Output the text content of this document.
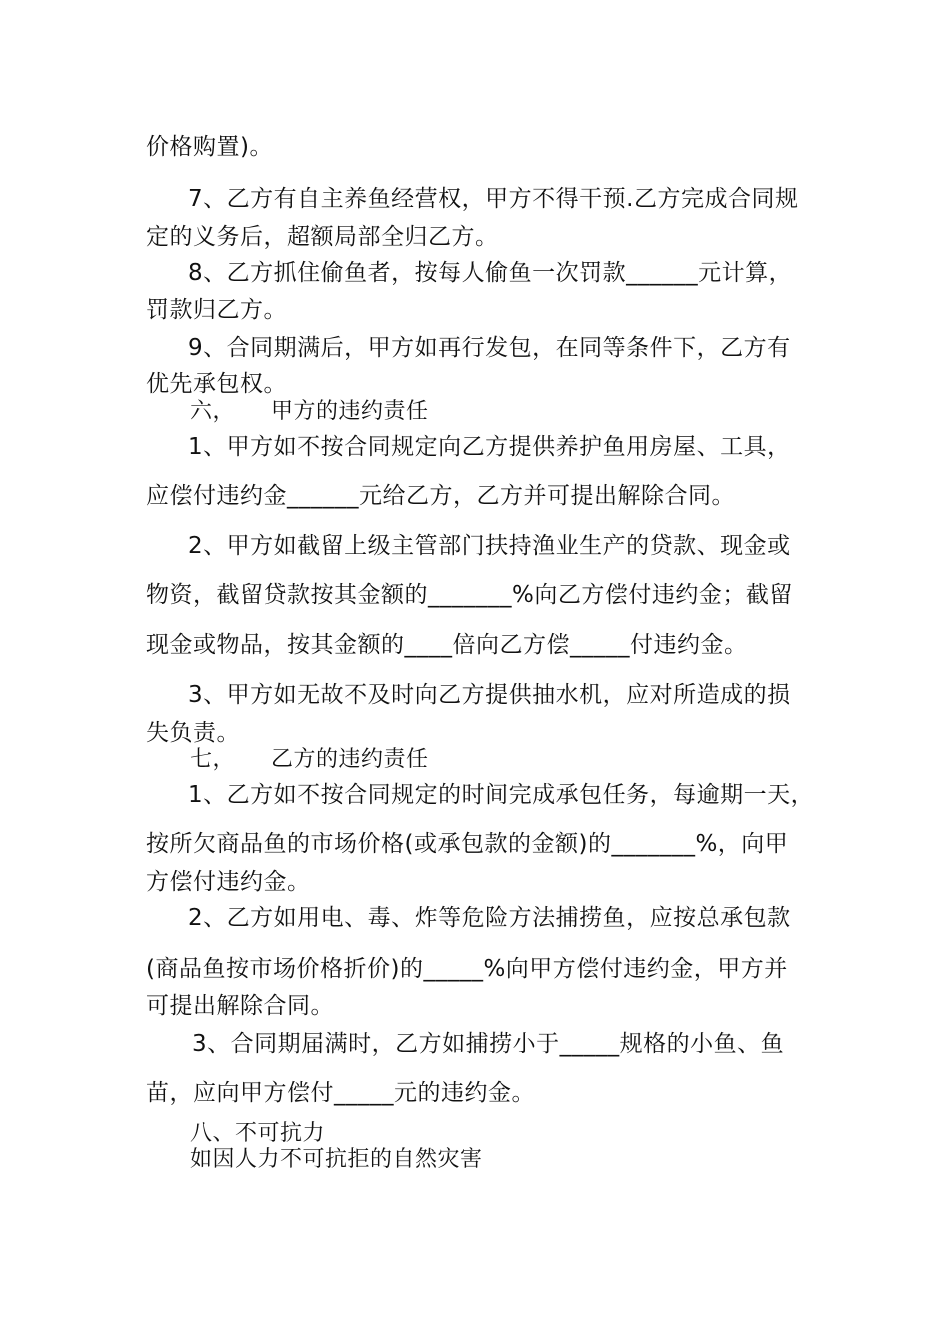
价格购置)。
7、乙方有自主养鱼经营权，甲方不得干预.乙方完成合同规
定的义务后，超额局部全归乙方。
8、乙方抓住偷鱼者，按每人偷鱼一次罚款______元计算，
罚款归乙方。
9、合同期满后，甲方如再行发包，在同等条件下，乙方有
优先承包权。
六， 甲方的违约责任
1、甲方如不按合同规定向乙方提供养护鱼用房屋、工具，
应偿付违约金______元给乙方，乙方并可提出解除合同。
2、甲方如截留上级主管部门扶持渔业生产的贷款、现金或
物资，截留贷款按其金额的_______%向乙方偿付违约金；截留
现金或物品，按其金额的____倍向乙方偿_____付违约金。
3、甲方如无故不及时向乙方提供抽水机，应对所造成的损
失负责。
七， 乙方的违约责任
1、乙方如不按合同规定的时间完成承包任务，每逾期一天，
按所欠商品鱼的市场价格(或承包款的金额)的_______%，向甲
方偿付违约金。
2、乙方如用电、毒、炸等危险方法捕捞鱼，应按总承包款
(商品鱼按市场价格折价)的_____%向甲方偿付违约金，甲方并
可提出解除合同。
3、合同期届满时，乙方如捕捞小于_____规格的小鱼、鱼
苗，应向甲方偿付_____元的违约金。
八、不可抗力
如因人力不可抗拒的自然灾害
